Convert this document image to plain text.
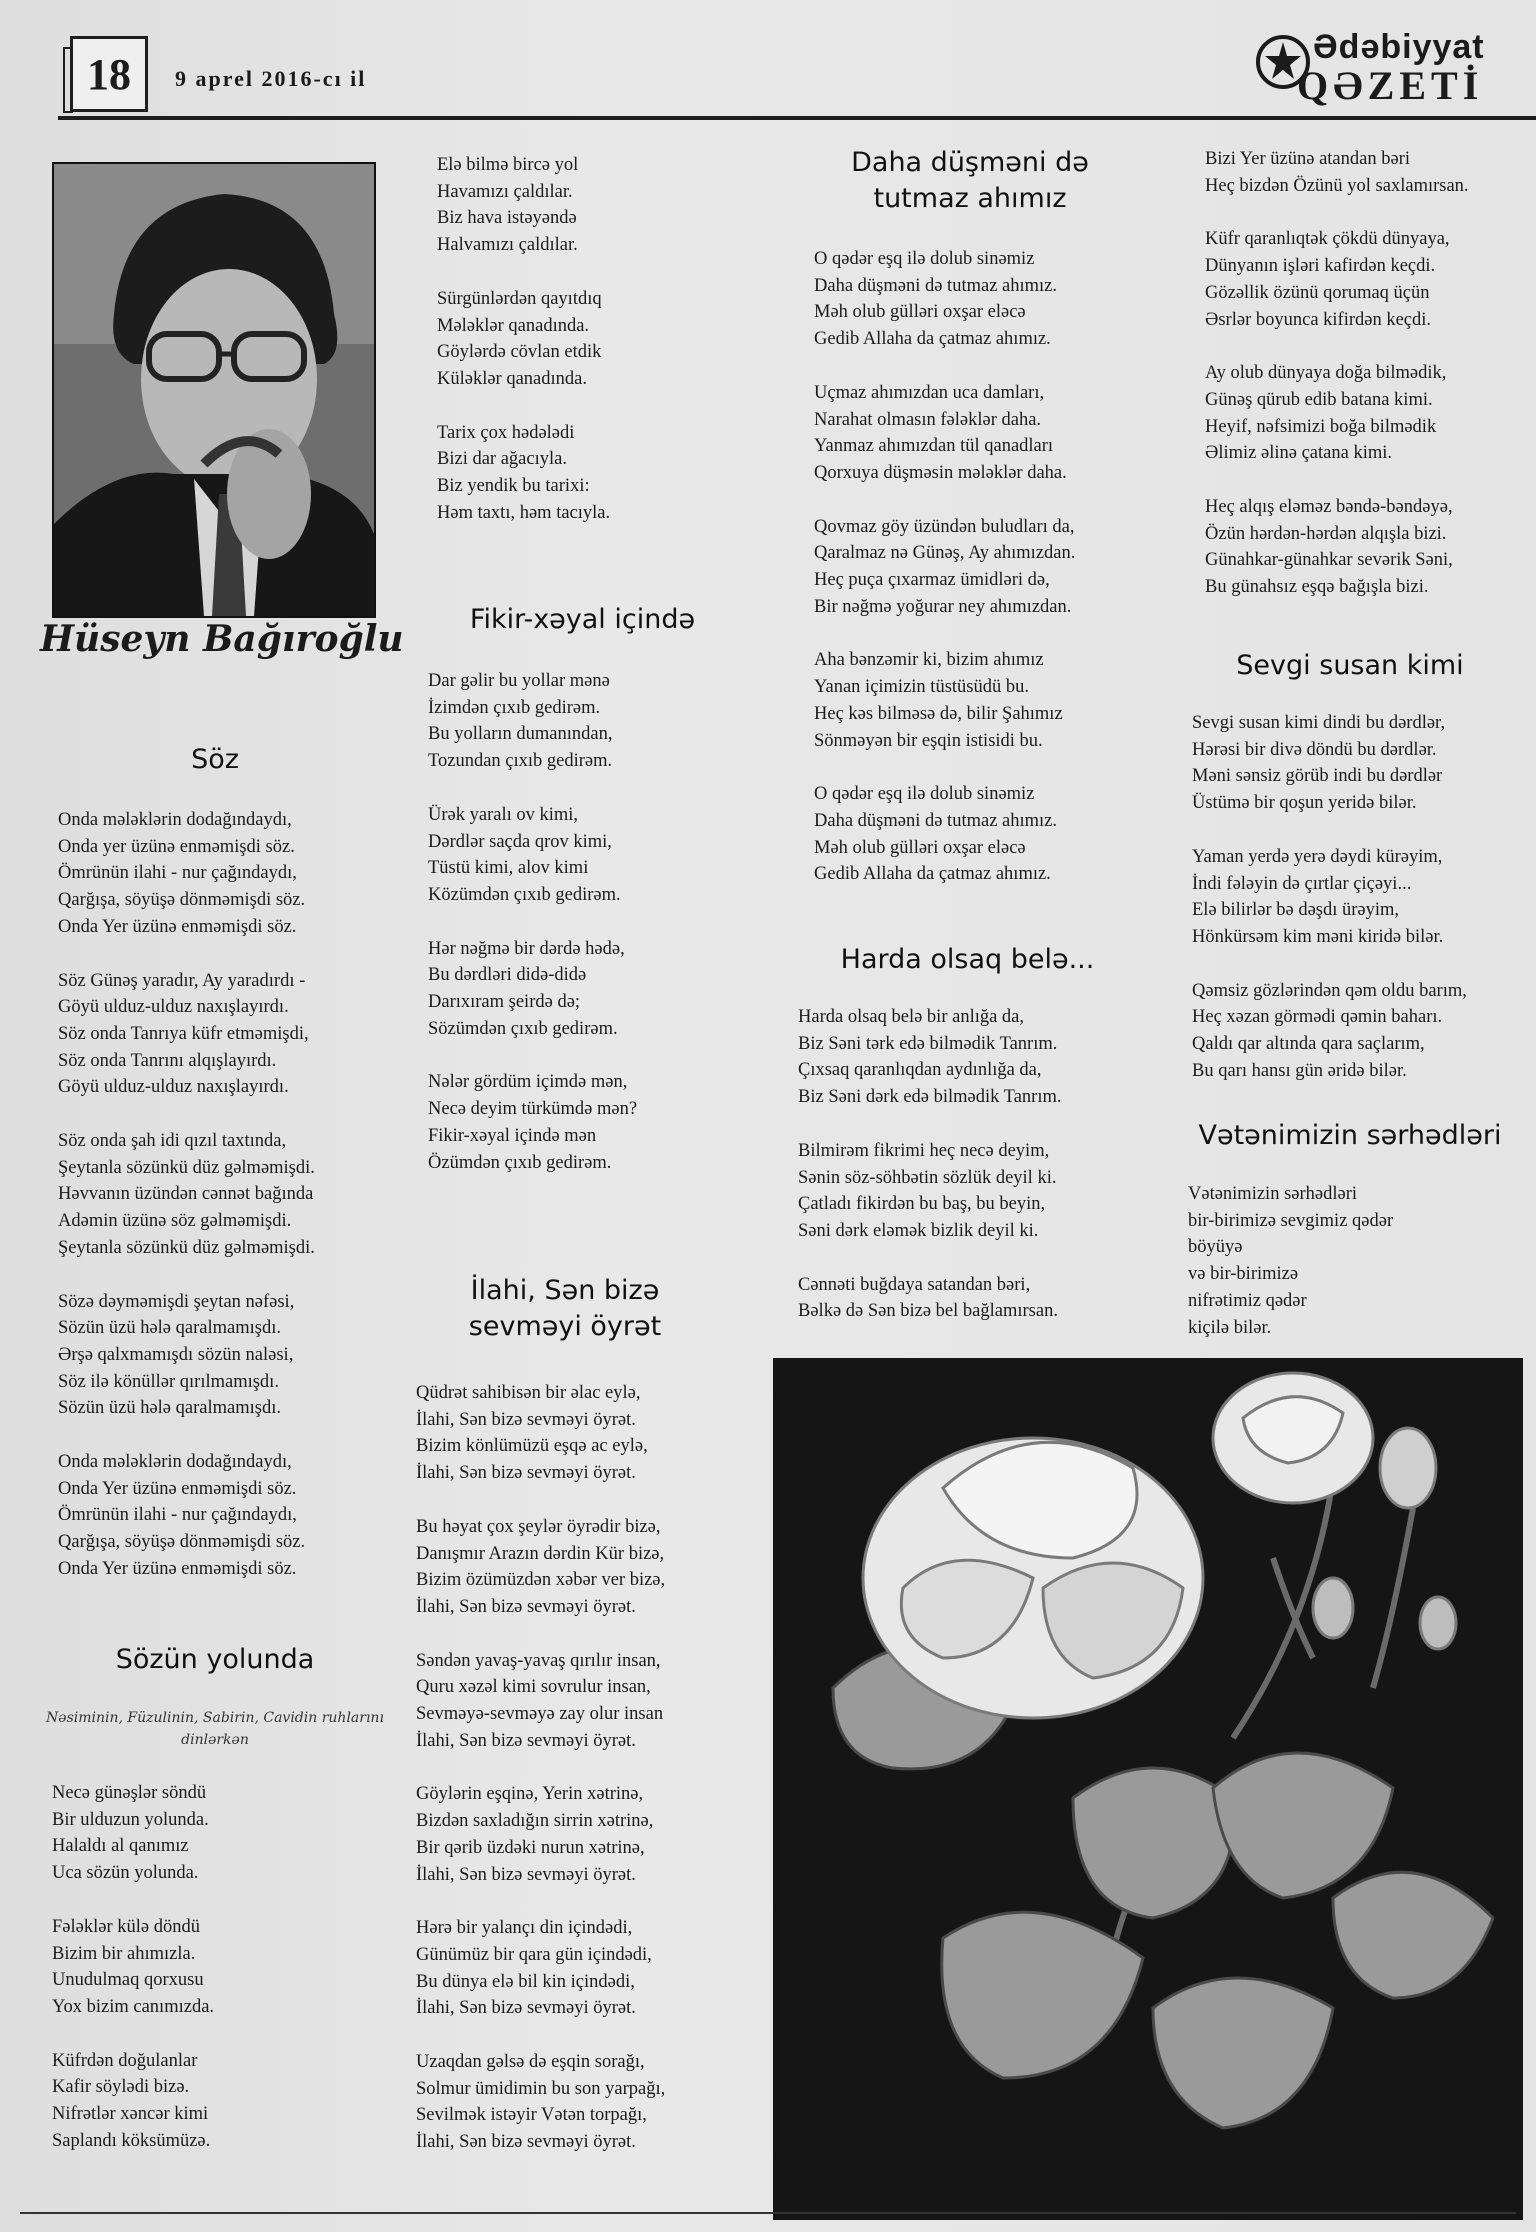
18	9 aprel 2016-cı il
Ədəbiyyat
QƏZETİ
Hüseyn Bağıroğlu
Söz
Onda mələklərin dodağındaydı,
Onda yer üzünə enməmişdi söz.
Ömrünün ilahi - nur çağındaydı,
Qarğışa, söyüşə dönməmişdi söz.
Onda Yer üzünə enməmişdi söz.
Söz Günəş yaradır, Ay yaradırdı -
Göyü ulduz-ulduz naxışlayırdı.
Söz onda Tanrıya küfr etməmişdi,
Söz onda Tanrını alqışlayırdı.
Göyü ulduz-ulduz naxışlayırdı.
Söz onda şah idi qızıl taxtında,
Şeytanla sözünkü düz gəlməmişdi.
Həvvanın üzündən cənnət bağında
Adəmin üzünə söz gəlməmişdi.
Şeytanla sözünkü düz gəlməmişdi.
Sözə dəyməmişdi şeytan nəfəsi,
Sözün üzü hələ qaralmamışdı.
Ərşə qalxmamışdı sözün naləsi,
Söz ilə könüllər qırılmamışdı.
Sözün üzü hələ qaralmamışdı.
Onda mələklərin dodağındaydı,
Onda Yer üzünə enməmişdi söz.
Ömrünün ilahi - nur çağındaydı,
Qarğışa, söyüşə dönməmişdi söz.
Onda Yer üzünə enməmişdi söz.
Sözün yolunda
Nəsiminin, Füzulinin, Sabirin, Cavidin ruhlarını dinlərkən
Necə günəşlər söndü
Bir ulduzun yolunda.
Halaldı al qanımız
Uca sözün yolunda.
Fələklər külə döndü
Bizim bir ahımızla.
Unudulmaq qorxusu
Yox bizim canımızda.
Küfrdən doğulanlar
Kafir söylədi bizə.
Nifrətlər xəncər kimi
Saplandı köksümüzə.
Elə bilmə bircə yol
Havamızı çaldılar.
Biz hava istəyəndə
Halvamızı çaldılar.
Sürgünlərdən qayıtdıq
Mələklər qanadında.
Göylərdə cövlan etdik
Küləklər qanadında.
Tarix çox hədələdi
Bizi dar ağacıyla.
Biz yendik bu tarixi:
Həm taxtı, həm tacıyla.
Fikir-xəyal içində
Dar gəlir bu yollar mənə
İzimdən çıxıb gedirəm.
Bu yolların dumanından,
Tozundan çıxıb gedirəm.
Ürək yaralı ov kimi,
Dərdlər saçda qrov kimi,
Tüstü kimi, alov kimi
Közümdən çıxıb gedirəm.
Hər nəğmə bir dərdə hədə,
Bu dərdləri didə-didə
Darıxıram şeirdə də;
Sözümdən çıxıb gedirəm.
Nələr gördüm içimdə mən,
Necə deyim türkümdə mən?
Fikir-xəyal içində mən
Özümdən çıxıb gedirəm.
İlahi, Sən bizə sevməyi öyrət
Qüdrət sahibisən bir əlac eylə,
İlahi, Sən bizə sevməyi öyrət.
Bizim könlümüzü eşqə ac eylə,
İlahi, Sən bizə sevməyi öyrət.
Bu həyat çox şeylər öyrədir bizə,
Danışmır Arazın dərdin Kür bizə,
Bizim özümüzdən xəbər ver bizə,
İlahi, Sən bizə sevməyi öyrət.
Səndən yavaş-yavaş qırılır insan,
Quru xəzəl kimi sovrulur insan,
Sevməyə-sevməyə zay olur insan
İlahi, Sən bizə sevməyi öyrət.
Göylərin eşqinə, Yerin xətrinə,
Bizdən saxladığın sirrin xətrinə,
Bir qərib üzdəki nurun xətrinə,
İlahi, Sən bizə sevməyi öyrət.
Hərə bir yalançı din içindədi,
Günümüz bir qara gün içindədi,
Bu dünya elə bil kin içindədi,
İlahi, Sən bizə sevməyi öyrət.
Uzaqdan gəlsə də eşqin sorağı,
Solmur ümidimin bu son yarpağı,
Sevilmək istəyir Vətən torpağı,
İlahi, Sən bizə sevməyi öyrət.
Daha düşməni də tutmaz ahımız
O qədər eşq ilə dolub sinəmiz
Daha düşməni də tutmaz ahımız.
Məh olub gülləri oxşar eləcə
Gedib Allaha da çatmaz ahımız.
Uçmaz ahımızdan uca damları,
Narahat olmasın fələklər daha.
Yanmaz ahımızdan tül qanadları
Qorxuya düşməsin mələklər daha.
Qovmaz göy üzündən buludları da,
Qaralmaz nə Günəş, Ay ahımızdan.
Heç puça çıxarmaz ümidləri də,
Bir nəğmə yoğurar ney ahımızdan.
Aha bənzəmir ki, bizim ahımız
Yanan içimizin tüstüsüdü bu.
Heç kəs bilməsə də, bilir Şahımız
Sönməyən bir eşqin istisidi bu.
O qədər eşq ilə dolub sinəmiz
Daha düşməni də tutmaz ahımız.
Məh olub gülləri oxşar eləcə
Gedib Allaha da çatmaz ahımız.
Harda olsaq belə...
Harda olsaq belə bir anlığa da,
Biz Səni tərk edə bilmədik Tanrım.
Çıxsaq qaranlıqdan aydınlığa da,
Biz Səni dərk edə bilmədik Tanrım.
Bilmirəm fikrimi heç necə deyim,
Sənin söz-söhbətin sözlük deyil ki.
Çatladı fikirdən bu baş, bu beyin,
Səni dərk eləmək bizlik deyil ki.
Cənnəti buğdaya satandan bəri,
Bəlkə də Sən bizə bel bağlamırsan.
Bizi Yer üzünə atandan bəri
Heç bizdən Özünü yol saxlamırsan.
Küfr qaranlıqtək çökdü dünyaya,
Dünyanın işləri kafirdən keçdi.
Gözəllik özünü qorumaq üçün
Əsrlər boyunca kifirdən keçdi.
Ay olub dünyaya doğa bilmədik,
Günəş qürub edib batana kimi.
Heyif, nəfsimizi boğa bilmədik
Əlimiz əlinə çatana kimi.
Heç alqış eləməz bəndə-bəndəyə,
Özün hərdən-hərdən alqışla bizi.
Günahkar-günahkar sevərik Səni,
Bu günahsız eşqə bağışla bizi.
Sevgi susan kimi
Sevgi susan kimi dindi bu dərdlər,
Hərəsi bir divə döndü bu dərdlər.
Məni sənsiz görüb indi bu dərdlər
Üstümə bir qoşun yeridə bilər.
Yaman yerdə yerə dəydi kürəyim,
İndi fələyin də çırtlar çiçəyi...
Elə bilirlər bə dəşdı ürəyim,
Hönkürsəm kim məni kiridə bilər.
Qəmsiz gözlərindən qəm oldu barım,
Heç xəzan görmədi qəmin baharı.
Qaldı qar altında qara saçlarım,
Bu qarı hansı gün əridə bilər.
Vətənimizin sərhədləri
Vətənimizin sərhədləri
bir-birimizə sevgimiz qədər
böyüyə
və bir-birimizə
nifrətimiz qədər
kiçilə bilər.
